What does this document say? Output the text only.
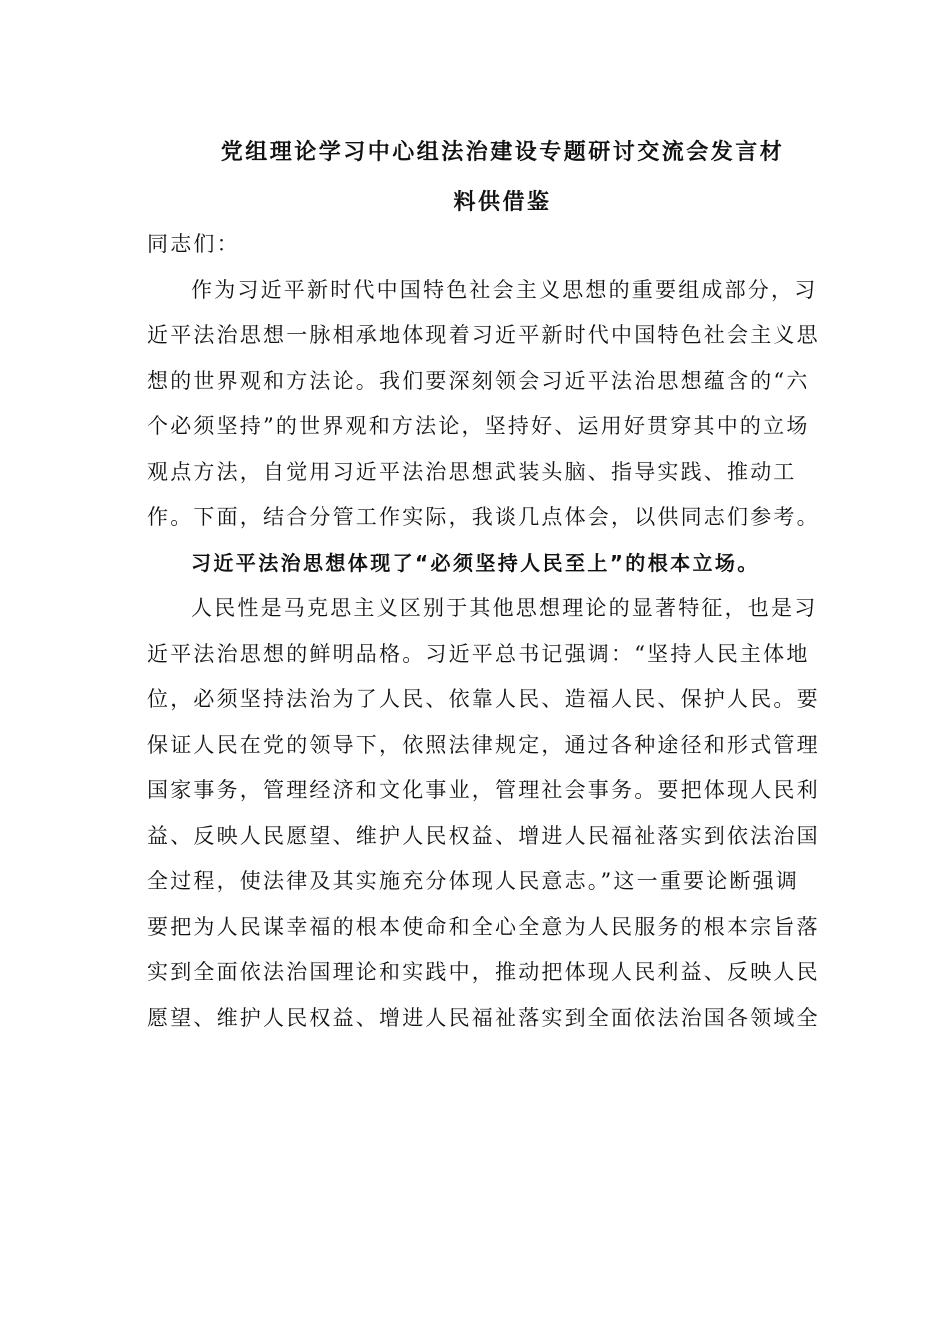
党组理论学习中心组法治建设专题研讨交流会发言材
料供借鉴

同志们：

作为习近平新时代中国特色社会主义思想的重要组成部分，习
近平法治思想一脉相承地体现着习近平新时代中国特色社会主义思
想的世界观和方法论。我们要深刻领会习近平法治思想蕴含的“六
个必须坚持”的世界观和方法论，坚持好、运用好贯穿其中的立场
观点方法，自觉用习近平法治思想武装头脑、指导实践、推动工
作。下面，结合分管工作实际，我谈几点体会，以供同志们参考。

习近平法治思想体现了“必须坚持人民至上”的根本立场。

人民性是马克思主义区别于其他思想理论的显著特征，也是习
近平法治思想的鲜明品格。习近平总书记强调：“坚持人民主体地
位，必须坚持法治为了人民、依靠人民、造福人民、保护人民。要
保证人民在党的领导下，依照法律规定，通过各种途径和形式管理
国家事务，管理经济和文化事业，管理社会事务。要把体现人民利
益、反映人民愿望、维护人民权益、增进人民福祉落实到依法治国
全过程，使法律及其实施充分体现人民意志。”这一重要论断强调
要把为人民谋幸福的根本使命和全心全意为人民服务的根本宗旨落
实到全面依法治国理论和实践中，推动把体现人民利益、反映人民
愿望、维护人民权益、增进人民福祉落实到全面依法治国各领域全
